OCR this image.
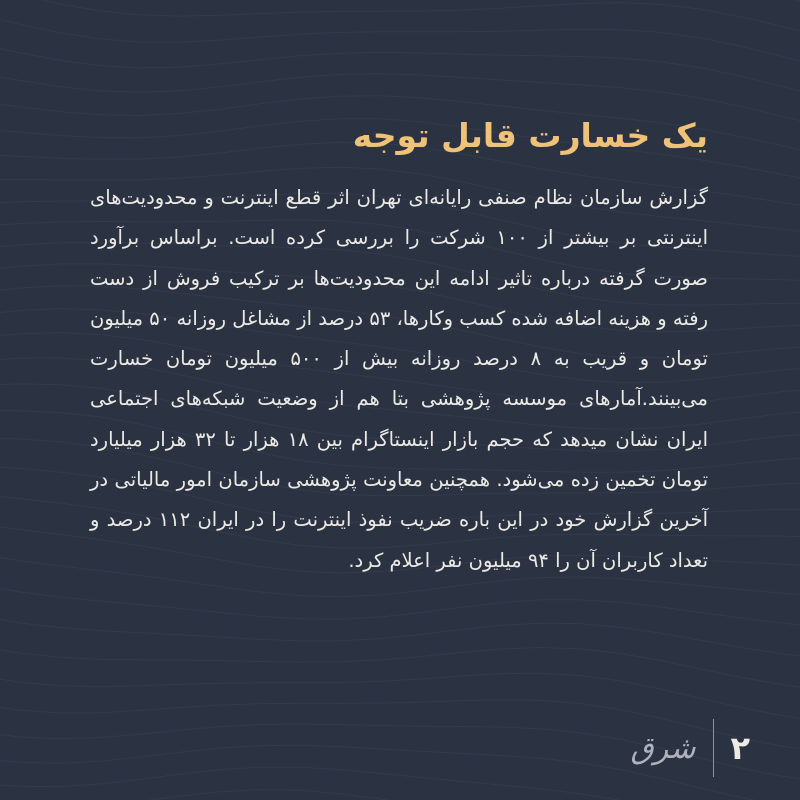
یک خسارت قابل توجه

گزارش سازمان نظام صنفی رایانه‌ای تهران اثر قطع اینترنت و محدودیت‌های اینترنتی بر بیشتر از ۱۰۰ شرکت را بررسی کرده است. براساس برآورد صورت گرفته درباره تاثیر ادامه این محدودیت‌ها بر ترکیب فروش از دست رفته و هزینه اضافه شده کسب وکارها، ۵۳ درصد از مشاغل روزانه ۵۰ میلیون تومان و قریب به ۸ درصد روزانه بیش از ۵۰۰ میلیون تومان خسارت می‌بینند.آمارهای موسسه پژوهشی بتا هم از وضعیت شبکه‌های اجتماعی ایران نشان میدهد که حجم بازار اینستاگرام بین ۱۸ هزار تا ۳۲ هزار میلیارد تومان تخمین زده می‌شود. همچنین معاونت پژوهشی سازمان امور مالیاتی در آخرین گزارش خود در این باره ضریب نفوذ اینترنت را در ایران ۱۱۲ درصد و تعداد کاربران آن را ۹۴ میلیون نفر اعلام کرد.

شرق ۲
